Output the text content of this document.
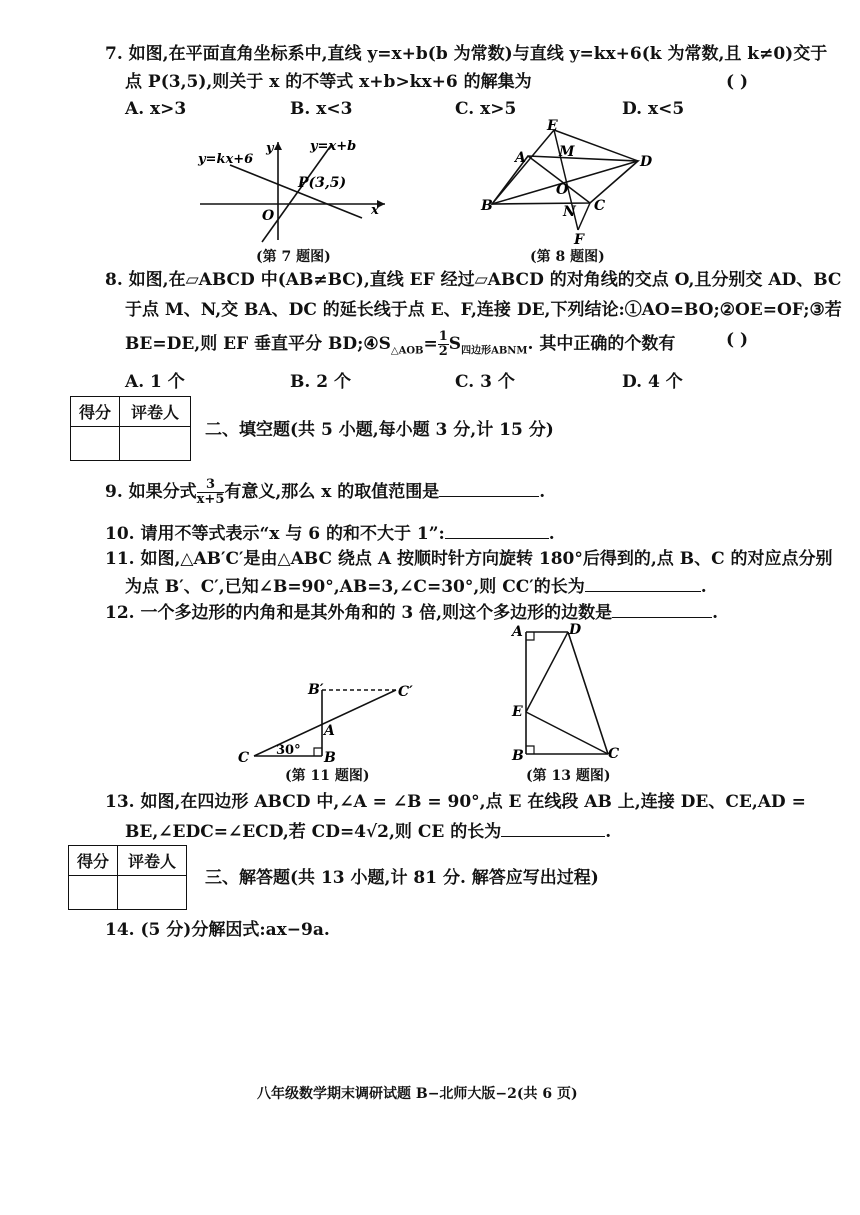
7. 如图,在平面直角坐标系中,直线 y=x+b(b 为常数)与直线 y=kx+6(k 为常数,且 k≠0)交于
点 P(3,5),则关于 x 的不等式 x+b>kx+6 的解集为	( )
A. x>3	B. x<3	C. x>5	D. x<5
y=kx+6
y=x+b
y
x
O
P(3,5)
(第 7 题图)
E
A M
D
O
B	N C
F
(第 8 题图)
8. 如图,在▱ABCD 中(AB≠BC),直线 EF 经过▱ABCD 的对角线的交点 O,且分别交 AD、BC
于点 M、N,交 BA、DC 的延长线于点 E、F,连接 DE,下列结论:①AO=BO;②OE=OF;③若
BE=DE,则 EF 垂直平分 $BD;④S_{\triangle AOB}= \frac{1}{2} S_{四边形ABNM}$. 其中正确的个数有	( )
A. 1 个	B. 2 个	C. 3 个	D. 4 个
得分	评卷人

二、填空题(共 5 小题,每小题 3 分,计 15 分)
9. 如果分式 $\frac{3}{x+5}$ 有意义,那么 x 的取值范围是	.
10. 请用不等式表示“x 与 6 的和不大于 1”:	.
11. 如图,△AB′C′是由△ABC 绕点 A 按顺时针方向旋转 180°后得到的,点 B、C 的对应点分别
为点 B′、C′,已知∠B=90°,AB=3,∠C=30°,则 CC′的长为	.
12. 一个多边形的内角和是其外角和的 3 倍,则这个多边形的边数是	.
B′	C′
A
C	B
30°
(第 11 题图)
A	D
E
B	C
(第 13 题图)
13. 如图,在四边形 ABCD 中,∠A = ∠B = 90°,点 E 在线段 AB 上,连接 DE、CE,AD =
BE,∠EDC=∠ECD,若 CD=4√2,则 CE 的长为	.
得分	评卷人

三、解答题(共 13 小题,计 81 分. 解答应写出过程)
14. (5 分)分解因式:ax−9a.
八年级数学期末调研试题 B−北师大版−2(共 6 页)
